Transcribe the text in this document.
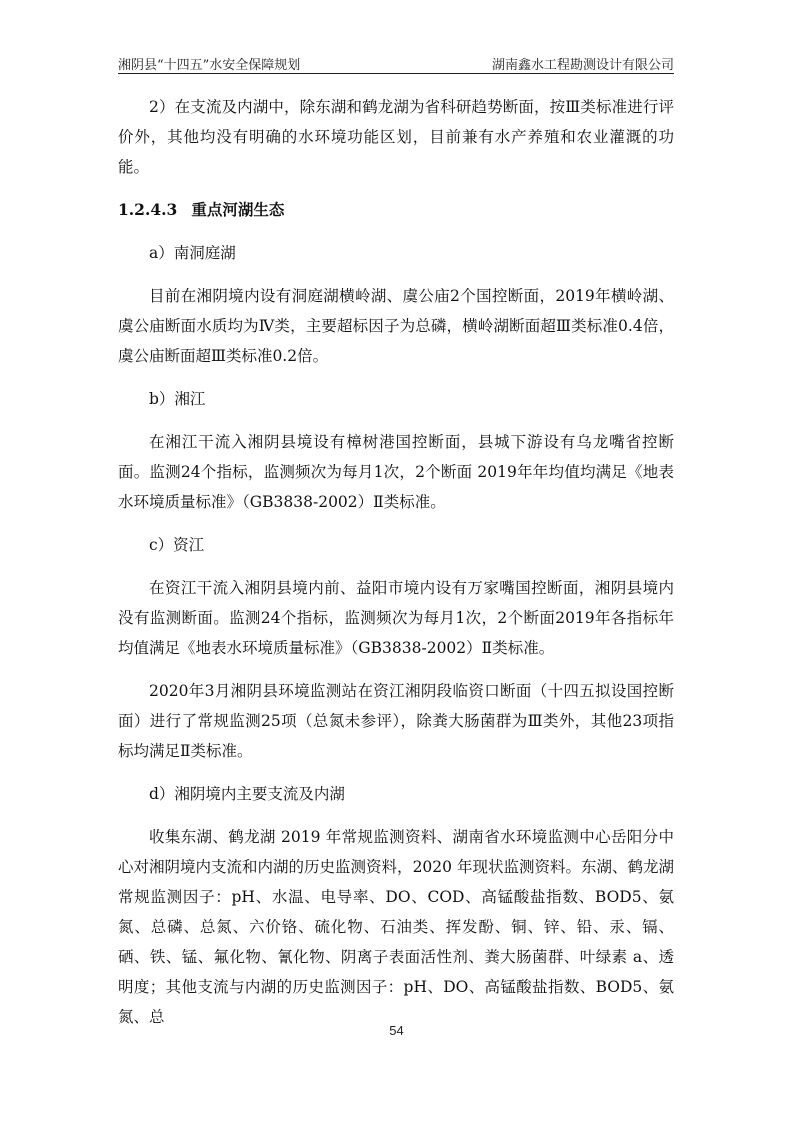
湘阴县“十四五”水安全保障规划	湖南鑫水工程勘测设计有限公司

2）在支流及内湖中，除东湖和鹤龙湖为省科研趋势断面，按Ⅲ类标准进行评价外，其他均没有明确的水环境功能区划，目前兼有水产养殖和农业灌溉的功能。

1.2.4.3 重点河湖生态

a）南洞庭湖

目前在湘阴境内设有洞庭湖横岭湖、虞公庙2个国控断面，2019年横岭湖、虞公庙断面水质均为Ⅳ类，主要超标因子为总磷，横岭湖断面超Ⅲ类标准0.4倍，虞公庙断面超Ⅲ类标准0.2倍。

b）湘江

在湘江干流入湘阴县境设有樟树港国控断面，县城下游设有乌龙嘴省控断面。监测24个指标，监测频次为每月1次，2个断面 2019年年均值均满足《地表水环境质量标准》（GB3838-2002）Ⅱ类标准。

c）资江

在资江干流入湘阴县境内前、益阳市境内设有万家嘴国控断面，湘阴县境内没有监测断面。监测24个指标，监测频次为每月1次，2个断面2019年各指标年均值满足《地表水环境质量标准》（GB3838-2002）Ⅱ类标准。

2020年3月湘阴县环境监测站在资江湘阴段临资口断面（十四五拟设国控断面）进行了常规监测25项（总氮未参评），除粪大肠菌群为Ⅲ类外，其他23项指标均满足Ⅱ类标准。

d）湘阴境内主要支流及内湖

收集东湖、鹤龙湖 2019 年常规监测资料、湖南省水环境监测中心岳阳分中心对湘阴境内支流和内湖的历史监测资料，2020 年现状监测资料。东湖、鹤龙湖常规监测因子：pH、水温、电导率、DO、COD、高锰酸盐指数、BOD5、氨氮、总磷、总氮、六价铬、硫化物、石油类、挥发酚、铜、锌、铅、汞、镉、硒、铁、锰、氟化物、氰化物、阴离子表面活性剂、粪大肠菌群、叶绿素 a、透明度；其他支流与内湖的历史监测因子：pH、DO、高锰酸盐指数、BOD5、氨氮、总

54
